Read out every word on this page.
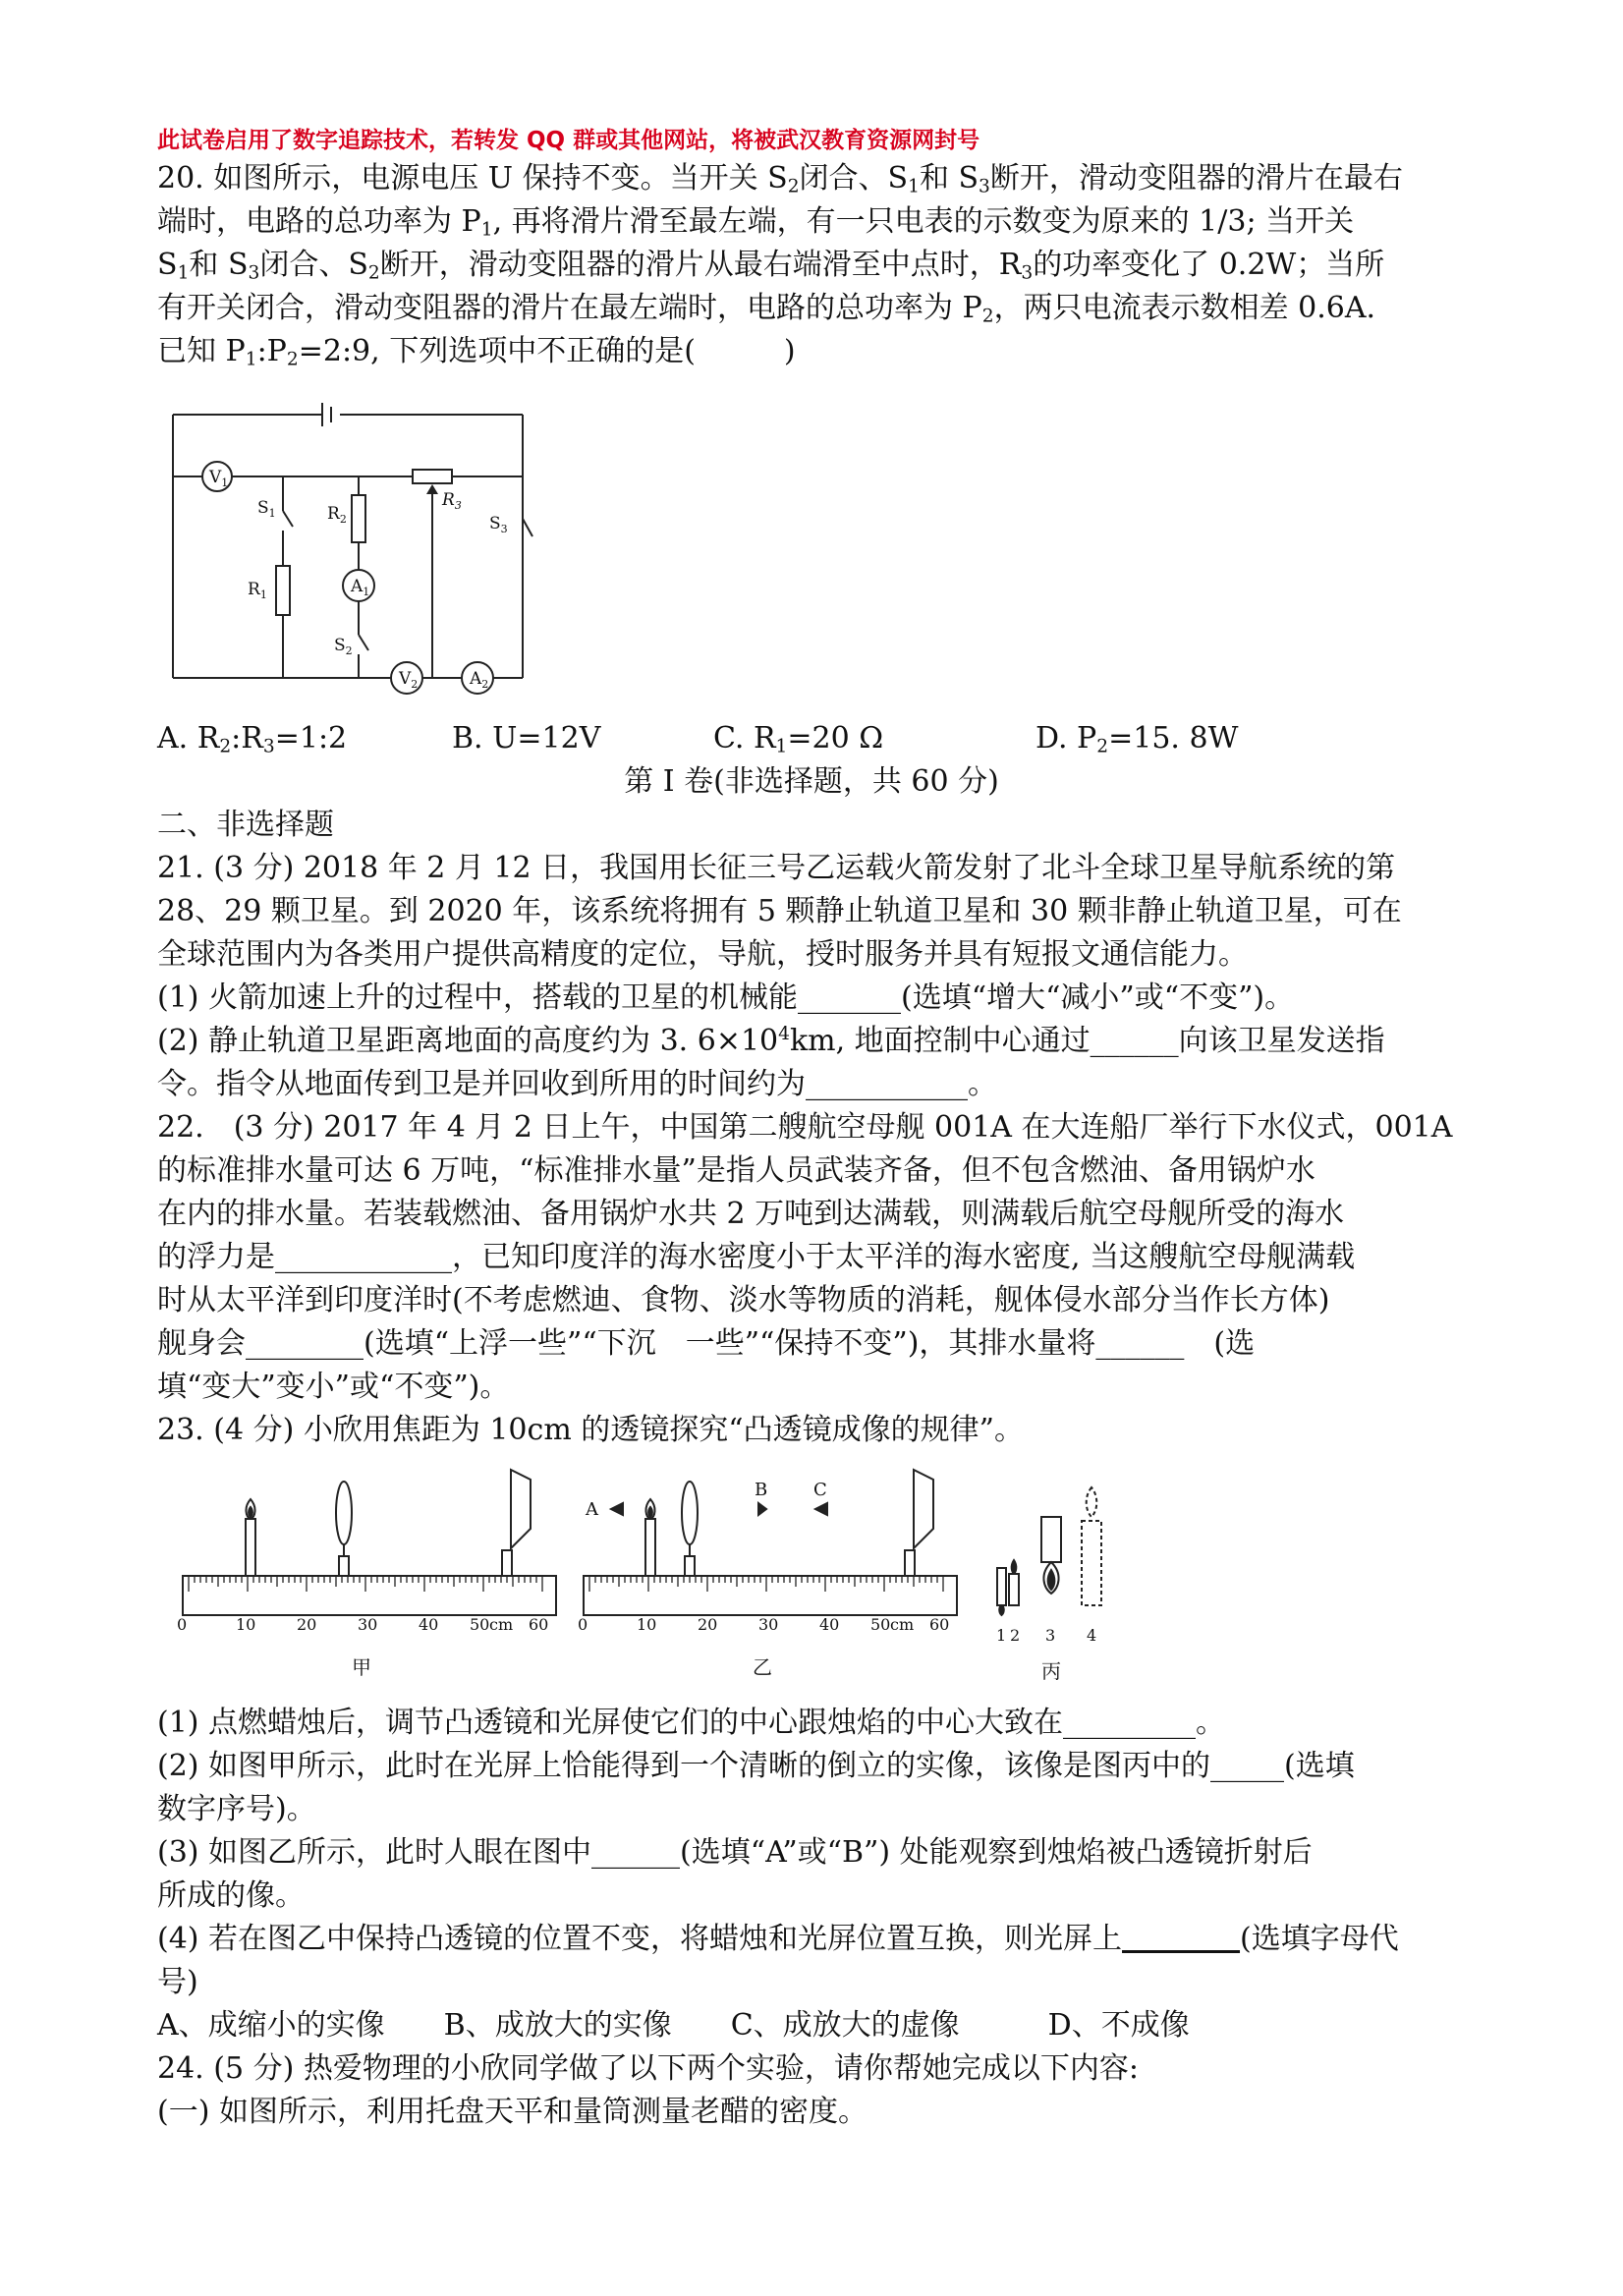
此试卷启用了数字追踪技术，若转发 QQ 群或其他网站，将被武汉教育资源网封号
20. 如图所示，电源电压 U 保持不变。当开关 $S_2$闭合、$S_1$和 $S_3$断开，滑动变阻器的滑片在最右
端时，电路的总功率为 $P_1$, 再将滑片滑至最左端，有一只电表的示数变为原来的 1/3; 当开关
$S_1$和 $S_3$闭合、$S_2$断开，滑动变阻器的滑片从最右端滑至中点时，$R_3$的功率变化了 0.2W；当所
有开关闭合，滑动变阻器的滑片在最左端时，电路的总功率为 $P_2$，两只电流表示数相差 0.6A.
已知 $P_1:P_2=2:9$, 下列选项中不正确的是(　　　)
$V_1$
$A_1$
$V_2$	$A_2$
$S_1$
$S_2$
$S_3$
$R_1$
$R_2$
$R_3$
A. $R_2:R_3=1:2$	B. U=12V	C. $R_1=20$ Ω	D. $P_2=15$. 8W
第 I 卷(非选择题，共 60 分)
二、非选择题
21. (3 分) 2018 年 2 月 12 日，我国用长征三号乙运载火箭发射了北斗全球卫星导航系统的第
28、29 颗卫星。到 2020 年，该系统将拥有 5 颗静止轨道卫星和 30 颗非静止轨道卫星，可在
全球范围内为各类用户提供高精度的定位，导航，授时服务并具有短报文通信能力。
(1) 火箭加速上升的过程中，搭载的卫星的机械能_______(选填“增大“减小”或“不变”)。
(2) 静止轨道卫星距离地面的高度约为 3. $6\times 10^4km$, 地面控制中心通过______向该卫星发送指
令。指令从地面传到卫是并回收到所用的时间约为___________。
22.　(3 分) 2017 年 4 月 2 日上午，中国第二艘航空母舰 001A 在大连船厂举行下水仪式，001A
的标准排水量可达 6 万吨，“标准排水量”是指人员武装齐备，但不包含燃油、备用锅炉水
在内的排水量。若装载燃油、备用锅炉水共 2 万吨到达满载，则满载后航空母舰所受的海水
的浮力是____________，已知印度洋的海水密度小于太平洋的海水密度, 当这艘航空母舰满载
时从太平洋到印度洋时(不考虑燃迪、食物、淡水等物质的消耗，舰体侵水部分当作长方体)
舰身会________(选填“上浮一些”“下沉　一些”“保持不变”)，其排水量将______　(选
填“变大”变小”或“不变”)。
23. (4 分) 小欣用焦距为 10cm 的透镜探究“凸透镜成像的规律”。
0	10	20	30	40 50 cm 60 0	10	20	30	40 50 cm 60
A
B	C
甲	乙	丙
1 2 3 4
(1) 点燃蜡烛后，调节凸透镜和光屏使它们的中心跟烛焰的中心大致在_________。
(2) 如图甲所示，此时在光屏上恰能得到一个清晰的倒立的实像，该像是图丙中的_____(选填
数字序号)。
(3) 如图乙所示，此时人眼在图中______(选填“A”或“B”) 处能观察到烛焰被凸透镜折射后
所成的像。
(4) 若在图乙中保持凸透镜的位置不变，将蜡烛和光屏位置互换，则光屏上　　　　	(选填字母代
号)
A、成缩小的实像　　B、成放大的实像　　C、成放大的虚像　　　D、不成像
24. (5 分) 热爱物理的小欣同学做了以下两个实验，请你帮她完成以下内容:
(一) 如图所示，利用托盘天平和量筒测量老醋的密度。
